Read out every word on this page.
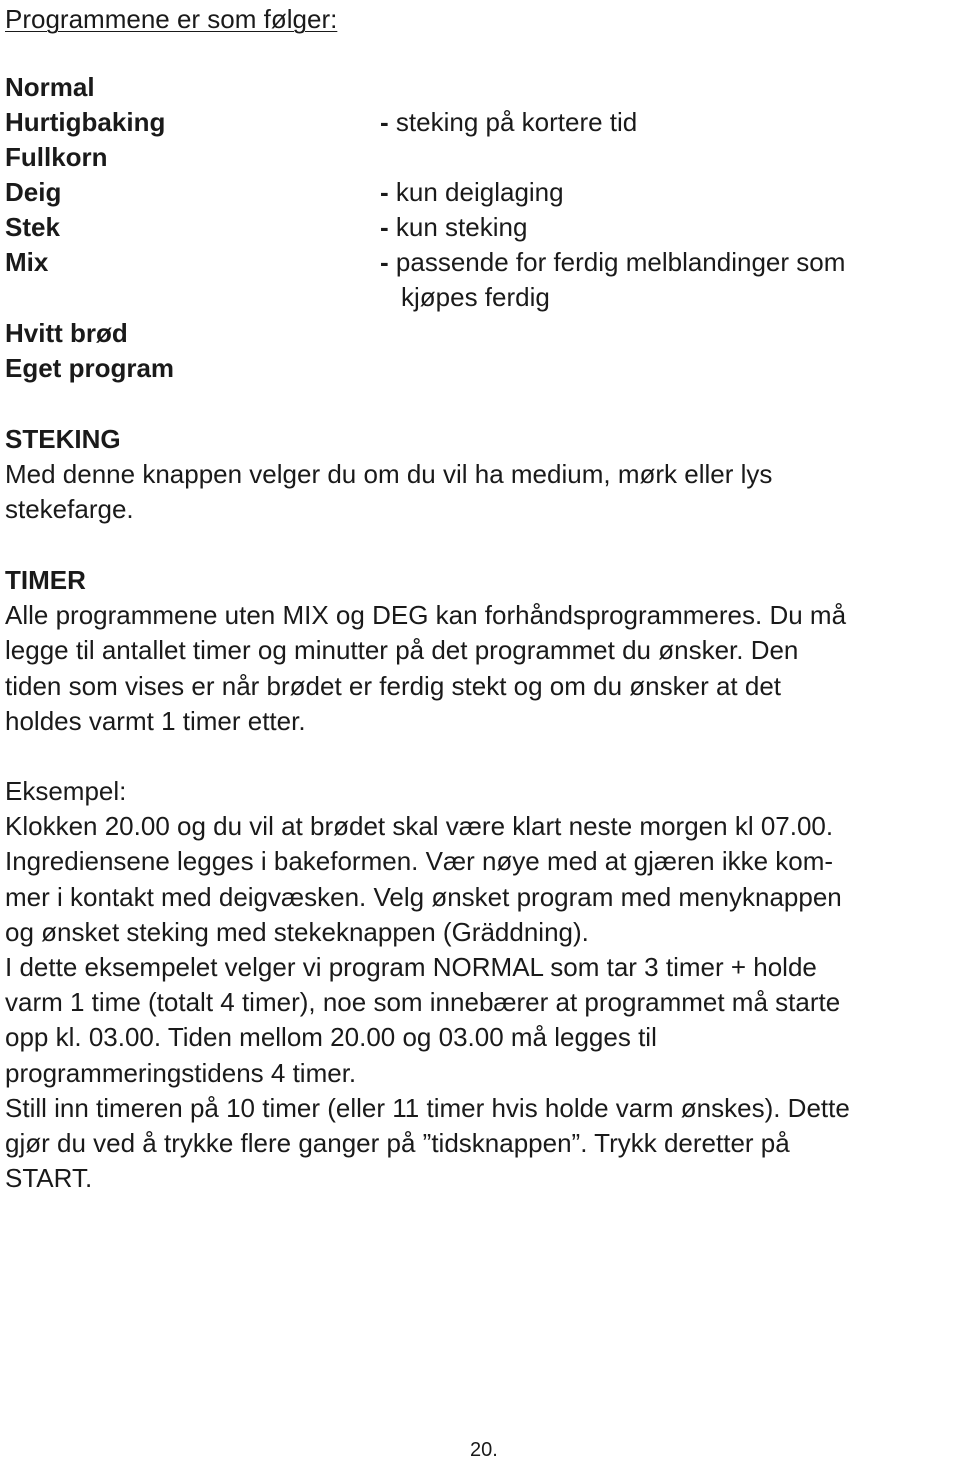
Programmene er som følger:
Normal
Hurtigbaking	- steking på kortere tid
Fullkorn
Deig	- kun deiglaging
Stek	- kun steking
Mix	- passende for ferdig melblandinger som
kjøpes ferdig
Hvitt brød
Eget program
STEKING
Med denne knappen velger du om du vil ha medium, mørk eller lys
stekefarge.
TIMER
Alle programmene uten MIX og DEG kan forhåndsprogrammeres. Du må
legge til antallet timer og minutter på det programmet du ønsker. Den
tiden som vises er når brødet er ferdig stekt og om du ønsker at det
holdes varmt 1 timer etter.
Eksempel:
Klokken 20.00 og du vil at brødet skal være klart neste morgen kl 07.00.
Ingrediensene legges i bakeformen. Vær nøye med at gjæren ikke kom-
mer i kontakt med deigvæsken. Velg ønsket program med menyknappen
og ønsket steking med stekeknappen (Gräddning).
I dette eksempelet velger vi program NORMAL som tar 3 timer + holde
varm 1 time (totalt 4 timer), noe som innebærer at programmet må starte
opp kl. 03.00. Tiden mellom 20.00 og 03.00 må legges til
programmeringstidens 4 timer.
Still inn timeren på 10 timer (eller 11 timer hvis holde varm ønskes). Dette
gjør du ved å trykke flere ganger på ”tidsknappen”. Trykk deretter på
START.
20.
